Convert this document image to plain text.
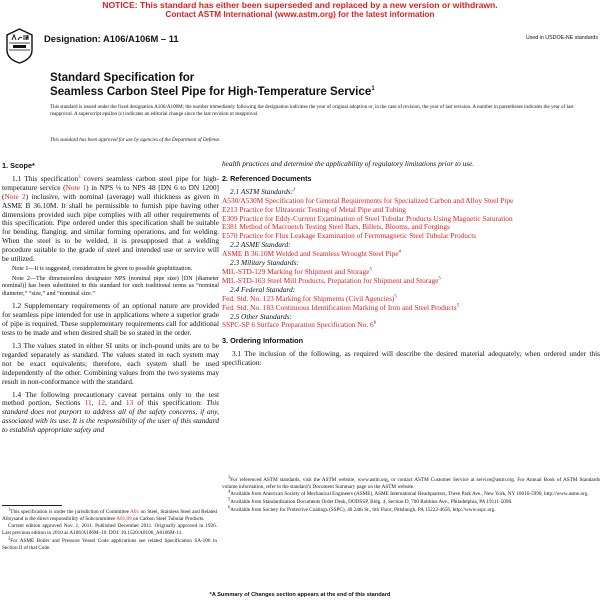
NOTICE: This standard has either been superseded and replaced by a new version or withdrawn.
Contact ASTM International (www.astm.org) for the latest information
Designation: A106/A106M – 11	Used in USDOE-NE standards
Standard Specification for
Seamless Carbon Steel Pipe for High-Temperature Service$^1$
This standard is issued under the fixed designation A106/A106M; the number immediately following the designation indicates the year of original adoption or, in the case of revision, the year of last revision. A number in parentheses indicates the year of last reapproval. A superscript epsilon (ε) indicates an editorial change since the last revision or reapproval.
This standard has been approved for use by agencies of the Department of Defense.

1. Scope*

1.1 This specification$^2$ covers seamless carbon steel pipe for high-temperature service (Note 1) in NPS ⅛ to NPS 48 [DN 6 to DN 1200] (Note 2) inclusive, with nominal (average) wall thickness as given in ASME B 36.10M. It shall be permissible to furnish pipe having other dimensions provided such pipe complies with all other requirements of this specification. Pipe ordered under this specification shall be suitable for bending, flanging, and similar forming operations, and for welding. When the steel is to be welded, it is presupposed that a welding procedure suitable to the grade of steel and intended use or service will be utilized.

Note 1—It is suggested, consideration be given to possible graphitization.

Note 2—The dimensionless designator NPS (nominal pipe size) [DN (diameter nominal)] has been substituted in this standard for such traditional terms as “nominal diameter,” “size,” and “nominal size.”

1.2 Supplementary requirements of an optional nature are provided for seamless pipe intended for use in applications where a superior grade of pipe is required. These supplementary requirements call for additional tests to be made and when desired shall be so stated in the order.

1.3 The values stated in either SI units or inch-pound units are to be regarded separately as standard. The values stated in each system may not be exact equivalents; therefore, each system shall be used independently of the other. Combining values from the two systems may result in non-conformance with the standard.

1.4 The following precautionary caveat pertains only to the test method portion, Sections 11, 12, and 13 of this specification: This standard does not purport to address all of the safety concerns, if any, associated with its use. It is the responsibility of the user of this standard to establish appropriate safety and

health practices and determine the applicability of regulatory limitations prior to use.

2. Referenced Documents

2.1 ASTM Standards:$^3$

A530/A530M Specification for General Requirements for Specialized Carbon and Alloy Steel Pipe

E213 Practice for Ultrasonic Testing of Metal Pipe and Tubing

E309 Practice for Eddy-Current Examination of Steel Tubular Products Using Magnetic Saturation

E381 Method of Macroetch Testing Steel Bars, Billets, Blooms, and Forgings

E570 Practice for Flux Leakage Examination of Ferromagnetic Steel Tubular Products

2.2 ASME Standard:

ASME B 36.10M Welded and Seamless Wrought Steel Pipe$^4$

2.3 Military Standards:

MIL-STD-129 Marking for Shipment and Storage$^5$

MIL-STD-163 Steel Mill Products, Preparation for Shipment and Storage$^5$

2.4 Federal Standard:

Fed. Std. No. 123 Marking for Shipments (Civil Agencies)$^5$

Fed. Std. No. 183 Continuous Identification Marking of Iron and Steel Products$^5$

2.5 Other Standards:

SSPC-SP 6 Surface Preparation Specification No. $6^6$

3. Ordering Information

3.1 The inclusion of the following, as required will describe the desired material adequately, when ordered under this specification:

$^1$This specification is under the jurisdiction of Committee A01 on Steel, Stainless Steel and Related Alloysand is the direct responsibility of Subcommittee A01.09 on Carbon Steel Tubular Products.

Current edition approved Nov. 1, 2011. Published December 2011. Originally approved in 1926. Last previous edition in 2010 as A106/A106M–10. DOI: 10.1520/A0106_A0106M-11.

$^2$For ASME Boiler and Pressure Vessel Code applications see related Specification SA-106 in Section II of that Code.

$^3$For referenced ASTM standards, visit the ASTM website, www.astm.org, or contact ASTM Customer Service at service@astm.org. For Annual Book of ASTM Standards volume information, refer to the standard’s Document Summary page on the ASTM website.

$^4$Available from American Society of Mechanical Engineers (ASME), ASME International Headquarters, Three Park Ave., New York, NY 10016-5990, http://www.asme.org.

$^5$Available from Standardization Documents Order Desk, DODSSP, Bldg. 4, Section D, 700 Robbins Ave., Philadelphia, PA 19111-5098.

$^6$Available from Society for Protective Coatings (SSPC), 40 24th St., 6th Floor, Pittsburgh, PA 15222-4656, http://www.sspc.org.

*A Summary of Changes section appears at the end of this standard
